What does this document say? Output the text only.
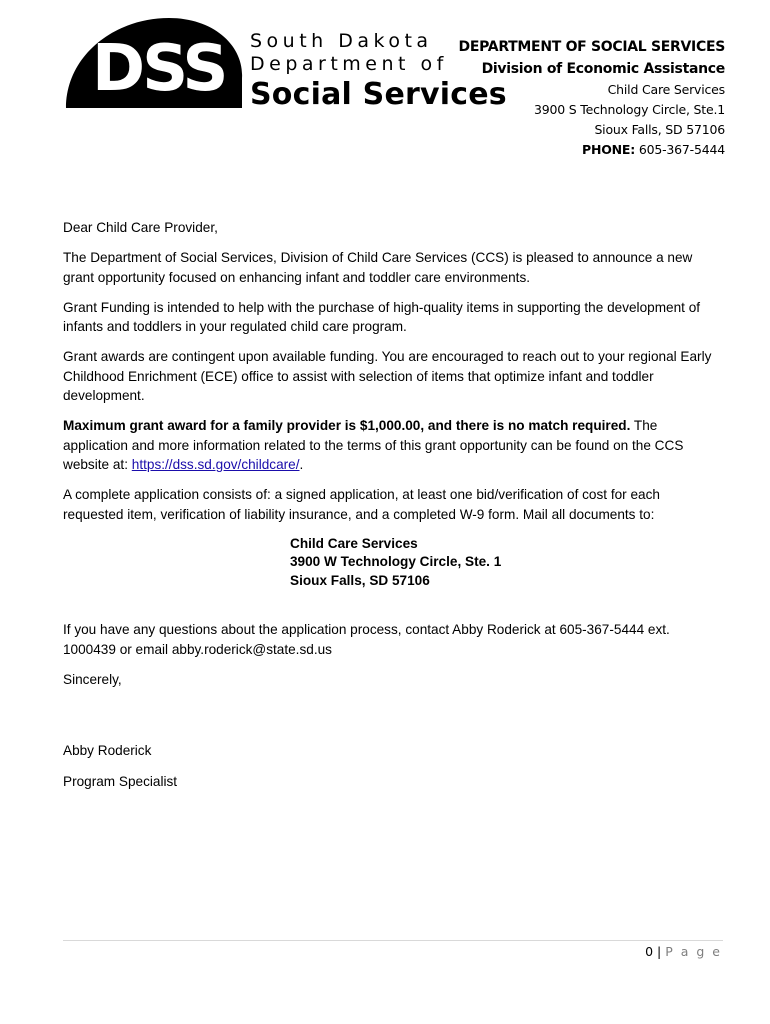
DSS South Dakota
Department of
Social Services
DEPARTMENT OF SOCIAL SERVICES
Division of Economic Assistance
Child Care Services
3900 S Technology Circle, Ste.1
Sioux Falls, SD 57106
PHONE: 605-367-5444

Dear Child Care Provider,

The Department of Social Services, Division of Child Care Services (CCS) is pleased to announce a new grant opportunity focused on enhancing infant and toddler care environments.

Grant Funding is intended to help with the purchase of high-quality items in supporting the development of infants and toddlers in your regulated child care program.

Grant awards are contingent upon available funding. You are encouraged to reach out to your regional Early Childhood Enrichment (ECE) office to assist with selection of items that optimize infant and toddler development.

Maximum grant award for a family provider is $1,000.00, and there is no match required. The application and more information related to the terms of this grant opportunity can be found on the CCS website at: https://dss.sd.gov/childcare/.

A complete application consists of: a signed application, at least one bid/verification of cost for each requested item, verification of liability insurance, and a completed W-9 form. Mail all documents to:

Child Care Services
3900 W Technology Circle, Ste. 1
Sioux Falls, SD 57106

If you have any questions about the application process, contact Abby Roderick at 605-367-5444 ext. 1000439 or email abby.roderick@state.sd.us

Sincerely,

Abby Roderick

Program Specialist

0 | P a g e
